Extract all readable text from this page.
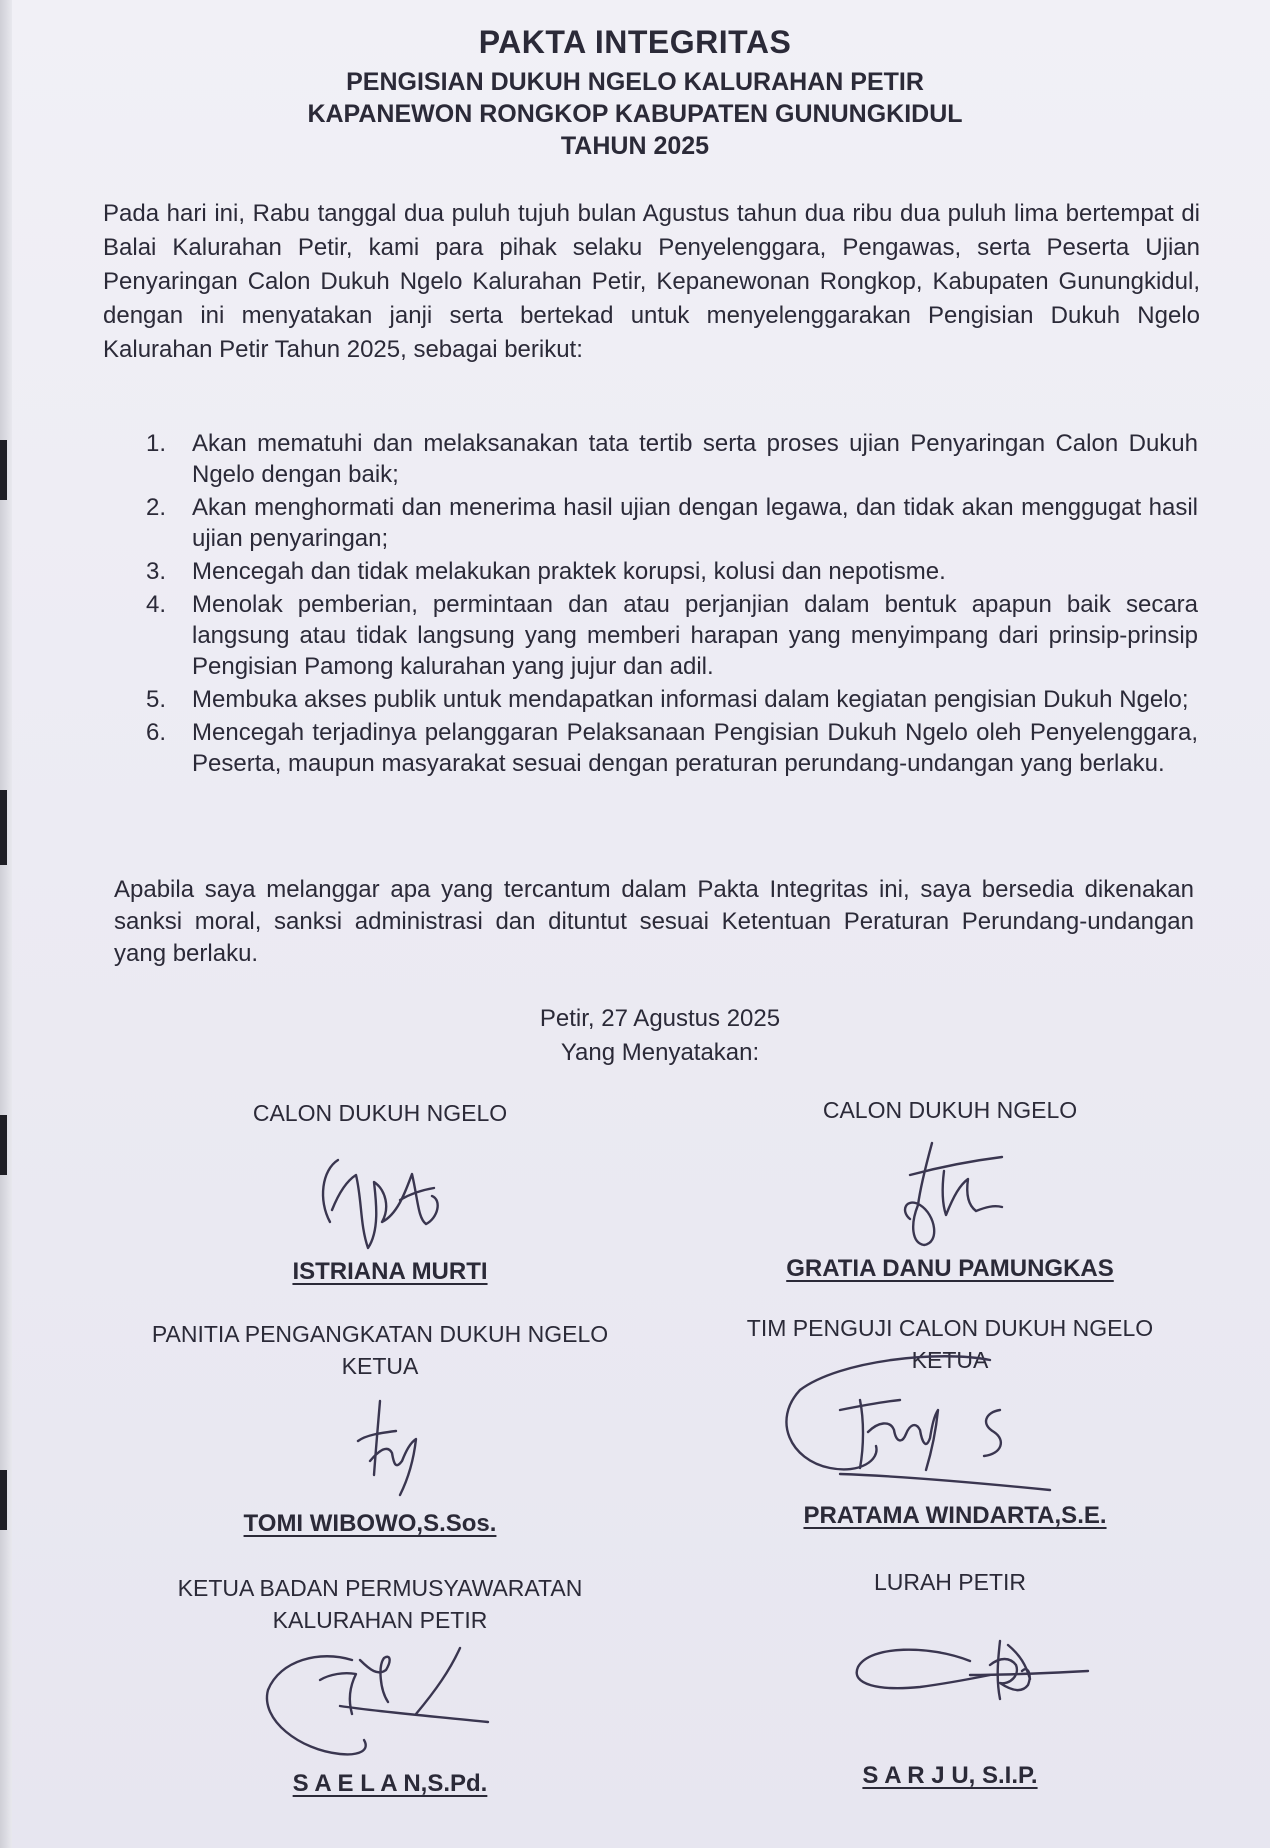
PAKTA INTEGRITAS
PENGISIAN DUKUH NGELO KALURAHAN PETIR
KAPANEWON RONGKOP KABUPATEN GUNUNGKIDUL
TAHUN 2025
Pada hari ini, Rabu tanggal dua puluh tujuh bulan Agustus tahun dua ribu dua puluh lima bertempat di Balai Kalurahan Petir, kami para pihak selaku Penyelenggara, Pengawas, serta Peserta Ujian Penyaringan Calon Dukuh Ngelo Kalurahan Petir, Kepanewonan Rongkop, Kabupaten Gunungkidul, dengan ini menyatakan janji serta bertekad untuk menyelenggarakan Pengisian Dukuh Ngelo Kalurahan Petir Tahun 2025, sebagai berikut:
1. Akan mematuhi dan melaksanakan tata tertib serta proses ujian Penyaringan Calon Dukuh Ngelo dengan baik;
2. Akan menghormati dan menerima hasil ujian dengan legawa, dan tidak akan menggugat hasil ujian penyaringan;
3. Mencegah dan tidak melakukan praktek korupsi, kolusi dan nepotisme.
4. Menolak pemberian, permintaan dan atau perjanjian dalam bentuk apapun baik secara langsung atau tidak langsung yang memberi harapan yang menyimpang dari prinsip-prinsip Pengisian Pamong kalurahan yang jujur dan adil.
5. Membuka akses publik untuk mendapatkan informasi dalam kegiatan pengisian Dukuh Ngelo;
6. Mencegah terjadinya pelanggaran Pelaksanaan Pengisian Dukuh Ngelo oleh Penyelenggara, Peserta, maupun masyarakat sesuai dengan peraturan perundang-undangan yang berlaku.
Apabila saya melanggar apa yang tercantum dalam Pakta Integritas ini, saya bersedia dikenakan sanksi moral, sanksi administrasi dan dituntut sesuai Ketentuan Peraturan Perundang-undangan yang berlaku.
Petir, 27 Agustus 2025
Yang Menyatakan:
CALON DUKUH NGELO	CALON DUKUH NGELO
ISTRIANA MURTI	GRATIA DANU PAMUNGKAS
PANITIA PENGANGKATAN DUKUH NGELO
KETUA
TIM PENGUJI CALON DUKUH NGELO
KETUA
TOMI WIBOWO,S.Sos.	PRATAMA WINDARTA,S.E.
KETUA BADAN PERMUSYAWARATAN
KALURAHAN PETIR
LURAH PETIR
S A E L A N,S.Pd.	S A R J U, S.I.P.
